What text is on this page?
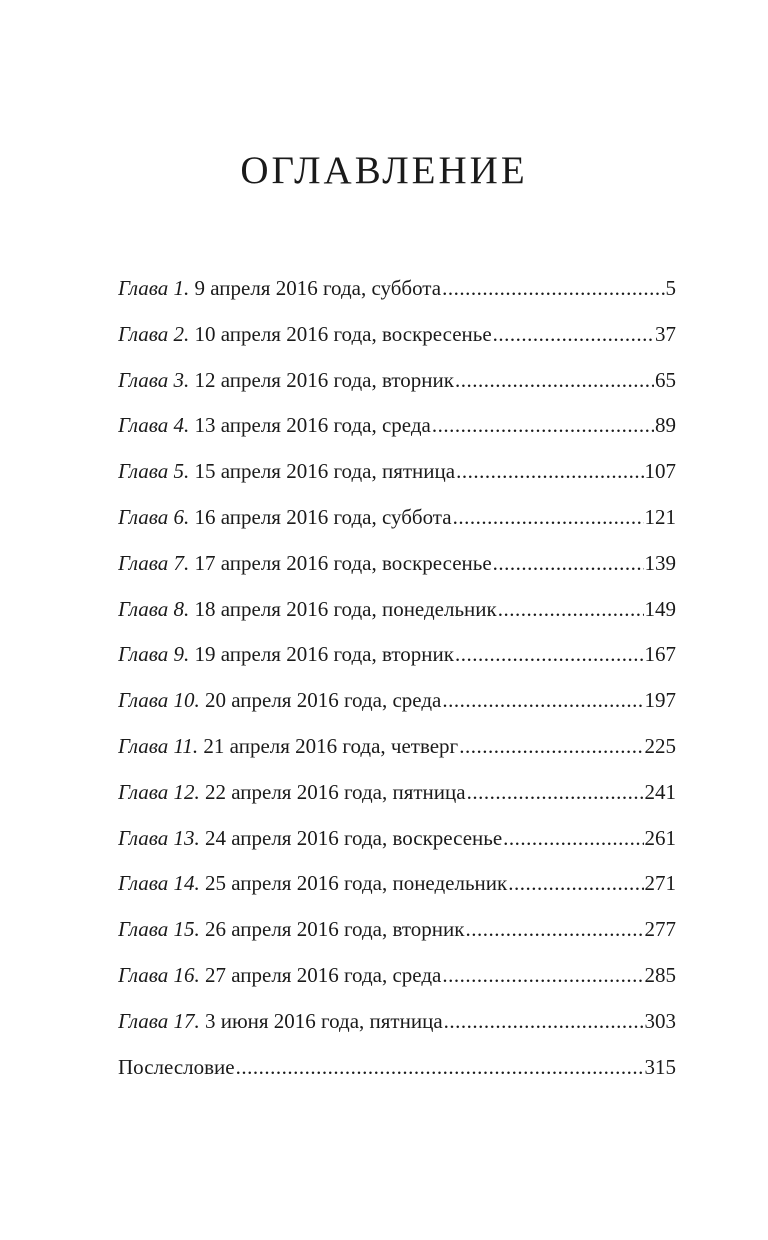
ОГЛАВЛЕНИЕ
Глава 1.
9 апреля 2016 года, суббота .....	5
Глава 2.
10 апреля 2016 года, воскресенье .....	37
Глава 3.
12 апреля 2016 года, вторник .....	65
Глава 4.
13 апреля 2016 года, среда .....	89
Глава 5.
15 апреля 2016 года, пятница .....	107
Глава 6.
16 апреля 2016 года, суббота .....	121
Глава 7.
17 апреля 2016 года, воскресенье .....	139
Глава 8.
18 апреля 2016 года, понедельник .....	149
Глава 9.
19 апреля 2016 года, вторник .....	167
Глава 10.
20 апреля 2016 года, среда .....	197
Глава 11.
21 апреля 2016 года, четверг .....	225
Глава 12.
22 апреля 2016 года, пятница .....	241
Глава 13.
24 апреля 2016 года, воскресенье .....	261
Глава 14.
25 апреля 2016 года, понедельник .....	271
Глава 15.
26 апреля 2016 года, вторник .....	277
Глава 16.
27 апреля 2016 года, среда .....	285
Глава 17.
3 июня 2016 года, пятница .....	303
Послесловие .....	315
